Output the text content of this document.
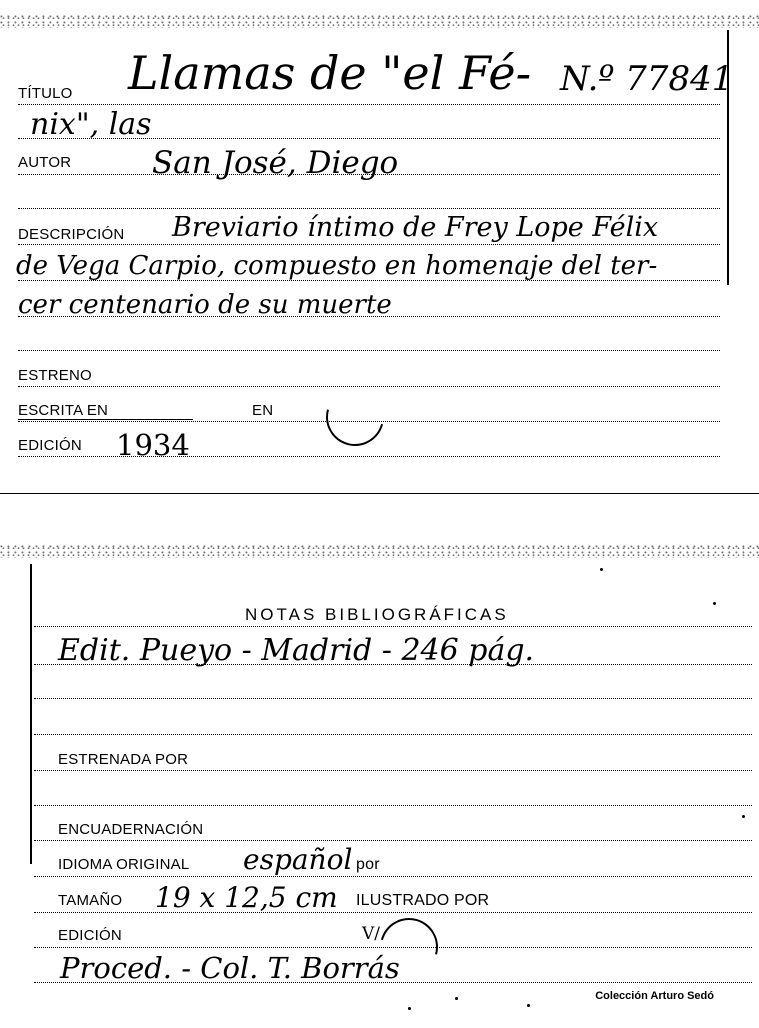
TÍTULO Llamas de "el Fé- N.º 77841
nix", las
AUTOR	San José, Diego
DESCRIPCIÓN Breviario íntimo de Frey Lope Félix
de Vega Carpio, compuesto en homenaje del ter-
cer centenario de su muerte
ESTRENO
ESCRITA EN	EN
EDICIÓN 1934
NOTAS BIBLIOGRÁFICAS
Edit. Pueyo - Madrid - 246 pág.
ESTRENADA POR
ENCUADERNACIÓN
IDIOMA ORIGINAL español por
TAMAÑO 19 x 12,5 cm ILUSTRADO POR
EDICIÓN	V/
Proced. - Col. T. Borrás
Colección Arturo Sedó
